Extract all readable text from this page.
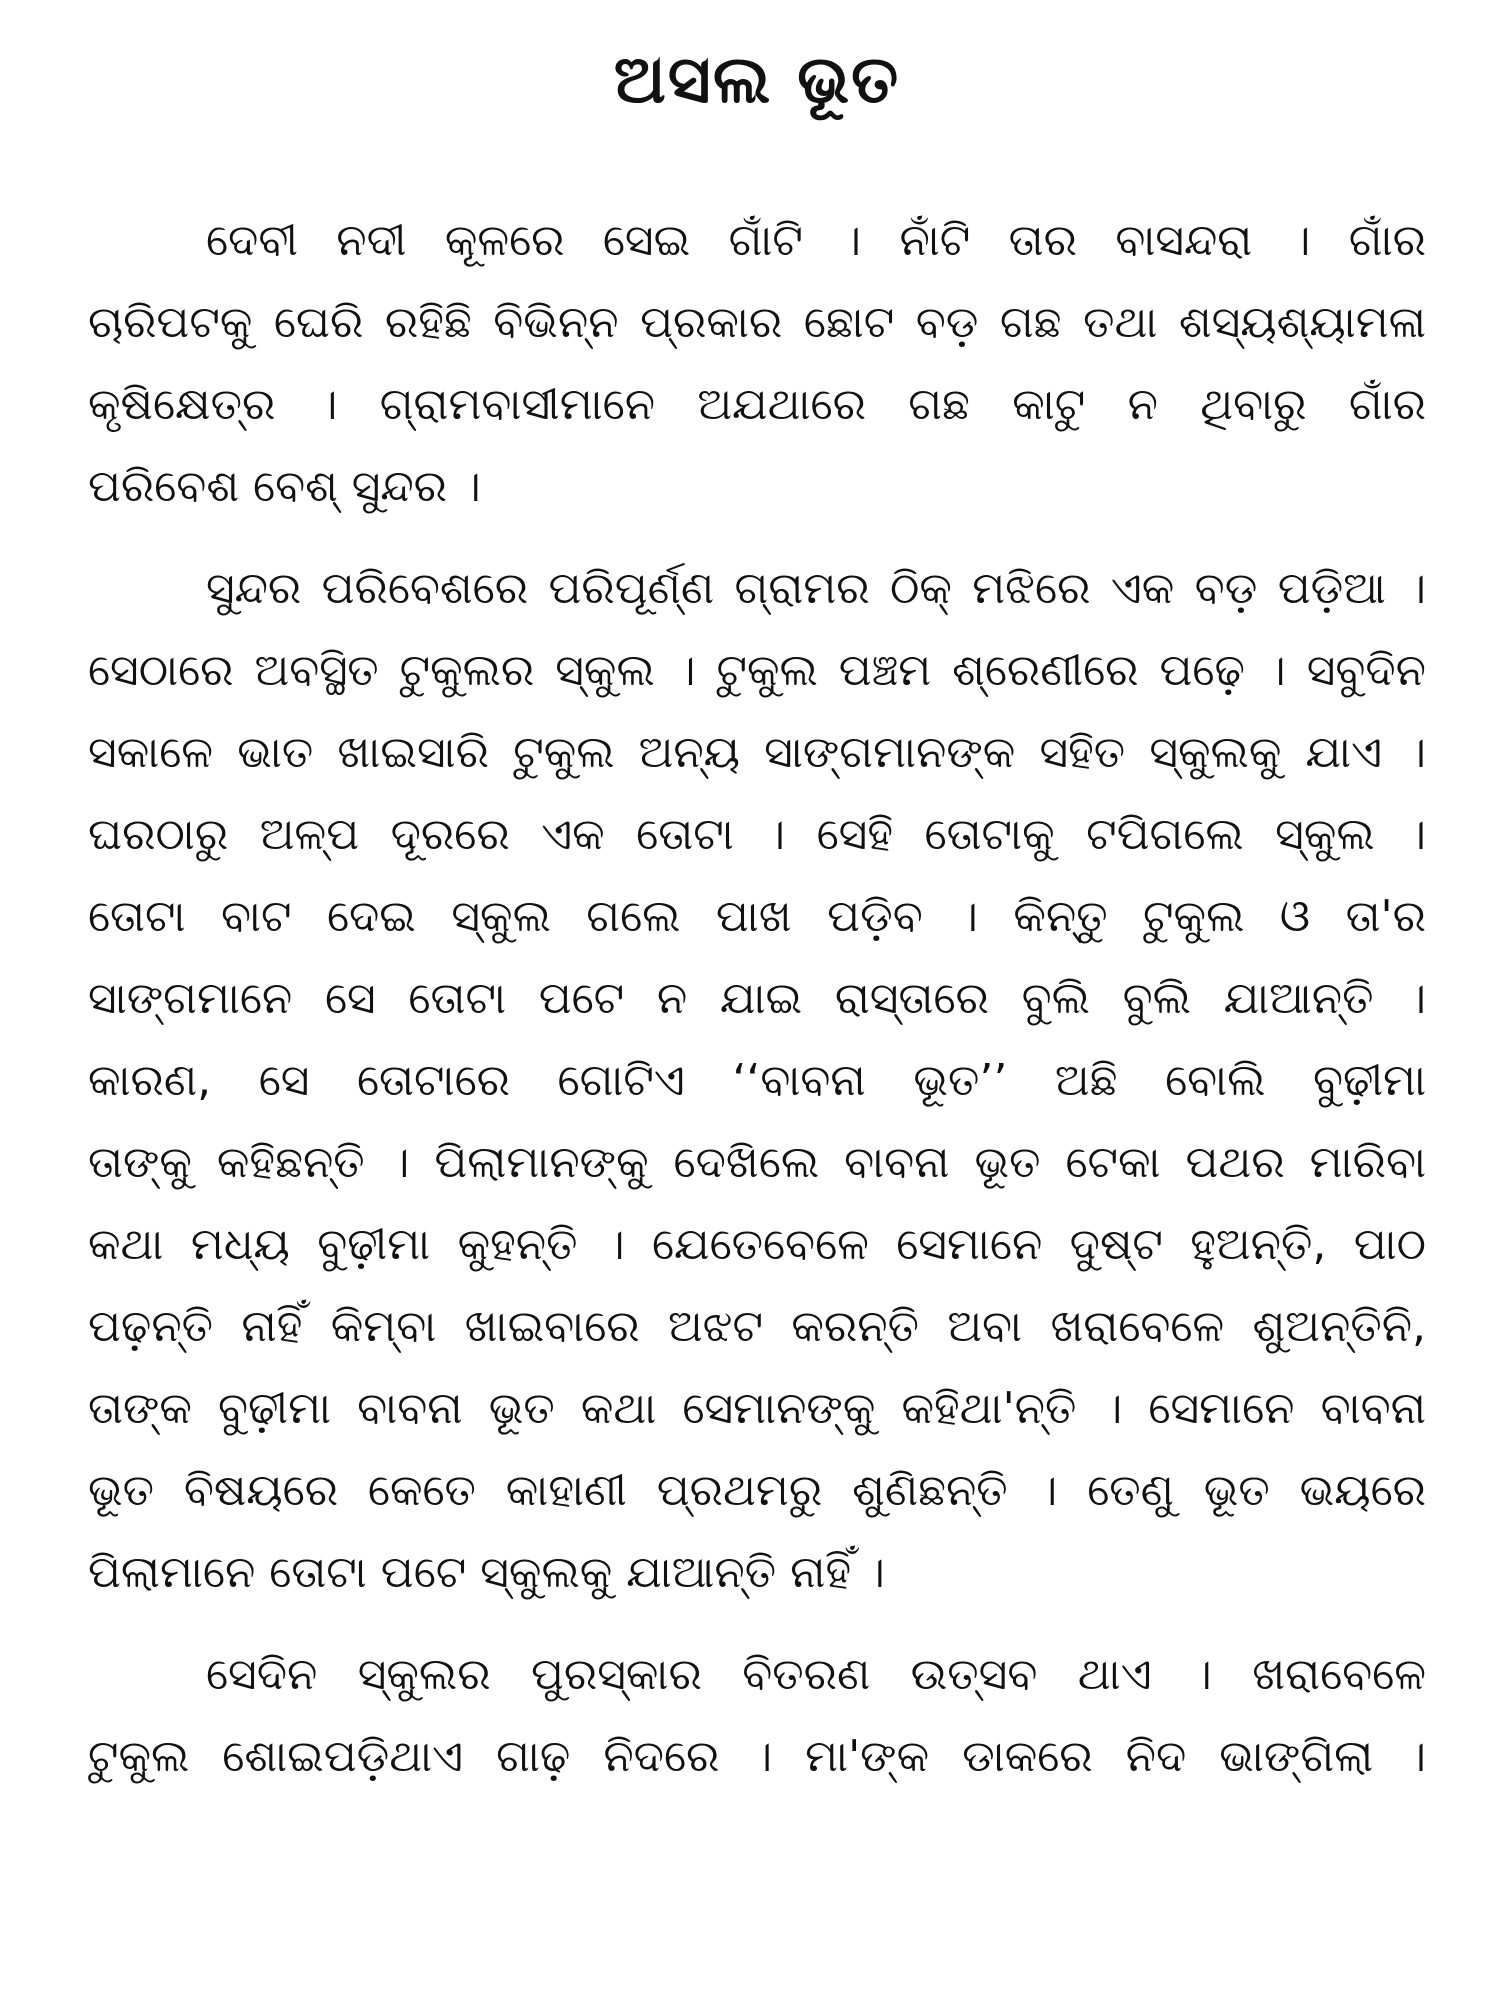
ଅସଲ ଭୂତ
ଦେବୀ ନଦୀ କୂଳରେ ସେଇ ଗାଁଟି । ନାଁଟି ତାର ବାସନ୍ଦରା । ଗାଁର
ଚାରିପଟକୁ ଘେରି ରହିଛି ବିଭିନ୍ନ ପ୍ରକାର ଛୋଟ ବଡ଼ ଗଛ ତଥା ଶସ୍ୟଶ୍ୟାମଳା
କୃଷିକ୍ଷେତ୍ର । ଗ୍ରାମବାସୀମାନେ ଅଯଥାରେ ଗଛ କାଟୁ ନ ଥିବାରୁ ଗାଁର
ପରିବେଶ ବେଶ୍ ସୁନ୍ଦର ।
ସୁନ୍ଦର ପରିବେଶରେ ପରିପୂର୍ଣ୍ଣ ଗ୍ରାମର ଠିକ୍ ମଝିରେ ଏକ ବଡ଼ ପଡ଼ିଆ ।
ସେଠାରେ ଅବସ୍ଥିତ ଟୁକୁଲର ସ୍କୁଲ । ଟୁକୁଲ ପଞ୍ଚମ ଶ୍ରେଣୀରେ ପଢ଼େ । ସବୁଦିନ
ସକାଳେ ଭାତ ଖାଇସାରି ଟୁକୁଲ ଅନ୍ୟ ସାଙ୍ଗମାନଙ୍କ ସହିତ ସ୍କୁଲକୁ ଯାଏ ।
ଘରଠାରୁ ଅଳ୍ପ ଦୂରରେ ଏକ ତୋଟା । ସେହି ତୋଟାକୁ ଟପିଗଲେ ସ୍କୁଲ ।
ତୋଟା ବାଟ ଦେଇ ସ୍କୁଲ ଗଲେ ପାଖ ପଡ଼ିବ । କିନ୍ତୁ ଟୁକୁଲ ଓ ତା'ର
ସାଙ୍ଗମାନେ ସେ ତୋଟା ପଟେ ନ ଯାଇ ରାସ୍ତାରେ ବୁଲି ବୁଲି ଯାଆନ୍ତି ।
କାରଣ, ସେ ତୋଟାରେ ଗୋଟିଏ ‘‘ବାବନା ଭୂତ’’ ଅଛି ବୋଲି ବୁଢ଼ୀମା
ତାଙ୍କୁ କହିଛନ୍ତି । ପିଲାମାନଙ୍କୁ ଦେଖିଲେ ବାବନା ଭୂତ ଟେକା ପଥର ମାରିବା
କଥା ମଧ୍ୟ ବୁଢ଼ୀମା କୁହନ୍ତି । ଯେତେବେଳେ ସେମାନେ ଦୁଷ୍ଟ ହୁଅନ୍ତି, ପାଠ
ପଢ଼ନ୍ତି ନାହିଁ କିମ୍ବା ଖାଇବାରେ ଅଝଟ କରନ୍ତି ଅବା ଖରାବେଳେ ଶୁଅନ୍ତିନି,
ତାଙ୍କ ବୁଢ଼ୀମା ବାବନା ଭୂତ କଥା ସେମାନଙ୍କୁ କହିଥା'ନ୍ତି । ସେମାନେ ବାବନା
ଭୂତ ବିଷୟରେ କେତେ କାହାଣୀ ପ୍ରଥମରୁ ଶୁଣିଛନ୍ତି । ତେଣୁ ଭୂତ ଭୟରେ
ପିଲାମାନେ ତୋଟା ପଟେ ସ୍କୁଲକୁ ଯାଆନ୍ତି ନାହିଁ ।
ସେଦିନ ସ୍କୁଲର ପୁରସ୍କାର ବିତରଣ ଉତ୍ସବ ଥାଏ । ଖରାବେଳେ
ଟୁକୁଲ ଶୋଇପଡ଼ିଥାଏ ଗାଢ଼ ନିଦରେ । ମା'ଙ୍କ ଡାକରେ ନିଦ ଭାଙ୍ଗିଲା ।
